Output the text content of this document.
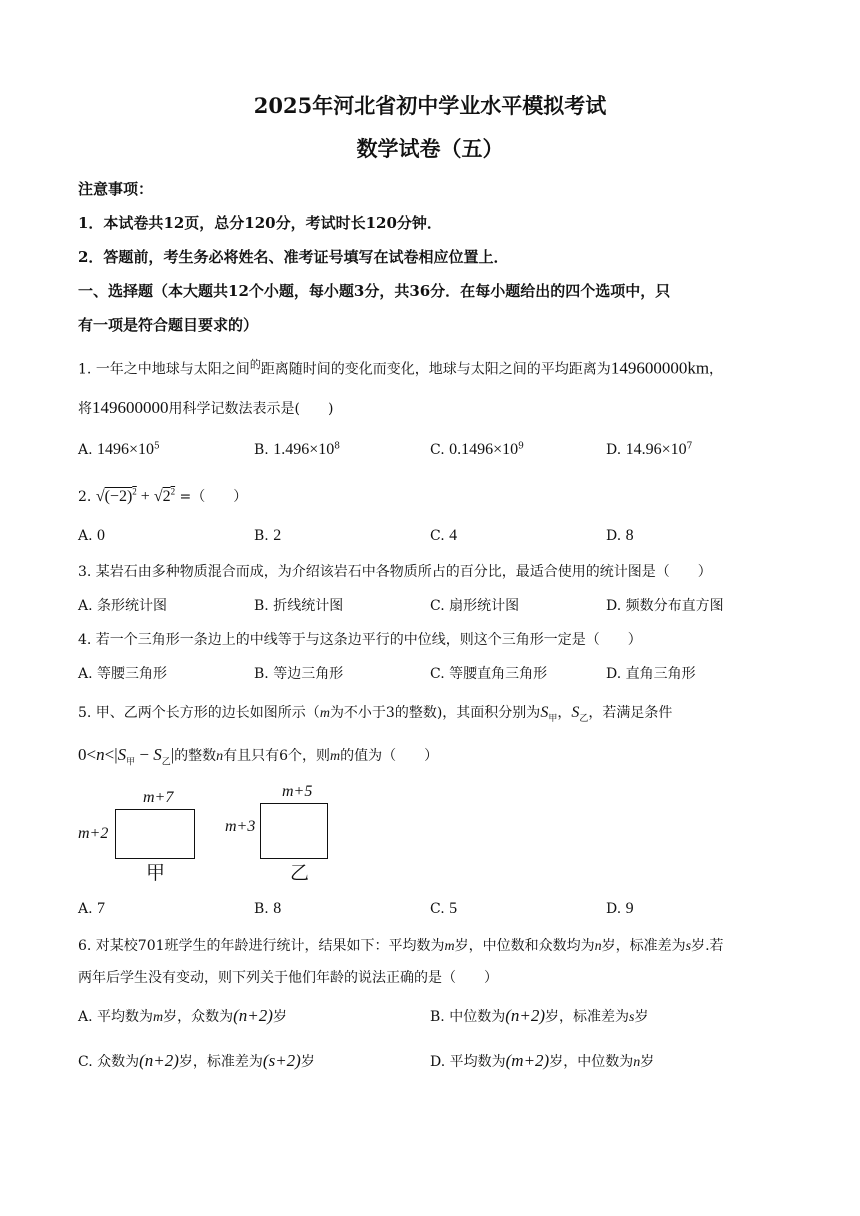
2025年河北省初中学业水平模拟考试
数学试卷（五）
注意事项：
1．本试卷共12页，总分120分，考试时长120分钟．
2．答题前，考生务必将姓名、准考证号填写在试卷相应位置上．
一、选择题（本大题共12个小题，每小题3分，共36分．在每小题给出的四个选项中，只
有一项是符合题目要求的）
1. 一年之中地球与太阳之间$^的$距离随时间的变化而变化，地球与太阳之间的平均距离为149600000km，
将149600000用科学记数法表示是(　　)
A. $1496\times 10^5$	B. $1.496\times 10^8$	C. $0.1496\times 10^9$	D. $14.96\times 10^7$
2. $√(-2)^2 + √2^2$ =（　　）
A. 0	B. 2	C. 4	D. 8
3. 某岩石由多种物质混合而成，为介绍该岩石中各物质所占的百分比，最适合使用的统计图是（　　）
A. 条形统计图	B. 折线统计图	C. 扇形统计图	D. 频数分布直方图
4. 若一个三角形一条边上的中线等于与这条边平行的中位线，则这个三角形一定是（　　）
A. 等腰三角形	B. 等边三角形	C. 等腰直角三角形	D. 直角三角形
5. 甲、乙两个长方形的边长如图所示（m为不小于3的整数)，其面积分别为$S_甲$，$S_乙$，若满足条件
$0<n<|S_甲 - S_乙|$的整数n有且只有6个，则m的值为（　　）
m+7
m+2
甲
m+5
m+3
乙
A. 7	B. 8	C. 5	D. 9
6. 对某校701班学生的年龄进行统计，结果如下：平均数为m岁，中位数和众数均为n岁，标准差为s岁.若
两年后学生没有变动，则下列关于他们年龄的说法正确的是（　　）
A. 平均数为m岁，众数为(n+2)岁	B. 中位数为(n+2)岁，标准差为s岁
C. 众数为(n+2)岁，标准差为(s+2)岁	D. 平均数为(m+2)岁，中位数为n岁
